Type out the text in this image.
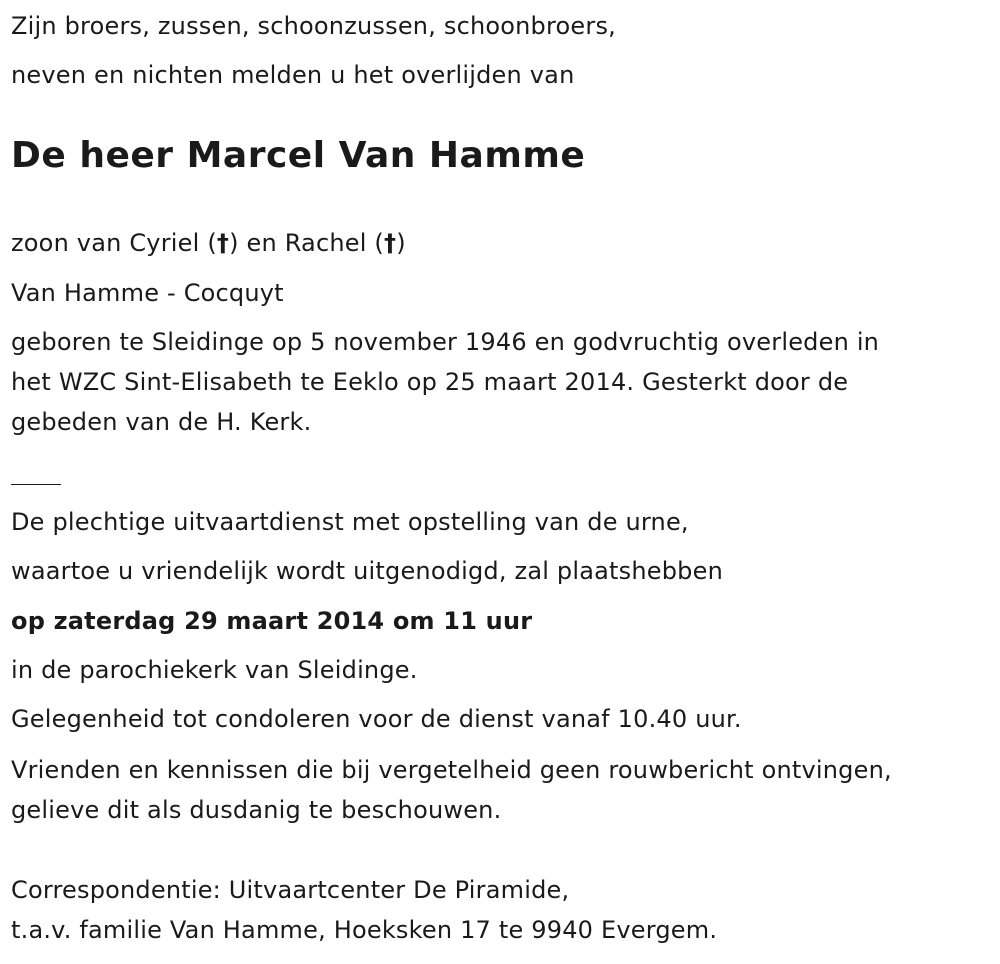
Zijn broers, zussen, schoonzussen, schoonbroers,
neven en nichten melden u het overlijden van
De heer Marcel Van Hamme
zoon van Cyriel (†) en Rachel (†)
Van Hamme - Cocquyt
geboren te Sleidinge op 5 november 1946 en godvruchtig overleden in
het WZC Sint-Elisabeth te Eeklo op 25 maart 2014. Gesterkt door de
gebeden van de H. Kerk.
De plechtige uitvaartdienst met opstelling van de urne,
waartoe u vriendelijk wordt uitgenodigd, zal plaatshebben
op zaterdag 29 maart 2014 om 11 uur
in de parochiekerk van Sleidinge.
Gelegenheid tot condoleren voor de dienst vanaf 10.40 uur.
Vrienden en kennissen die bij vergetelheid geen rouwbericht ontvingen,
gelieve dit als dusdanig te beschouwen.
Correspondentie: Uitvaartcenter De Piramide,
t.a.v. familie Van Hamme, Hoeksken 17 te 9940 Evergem.
